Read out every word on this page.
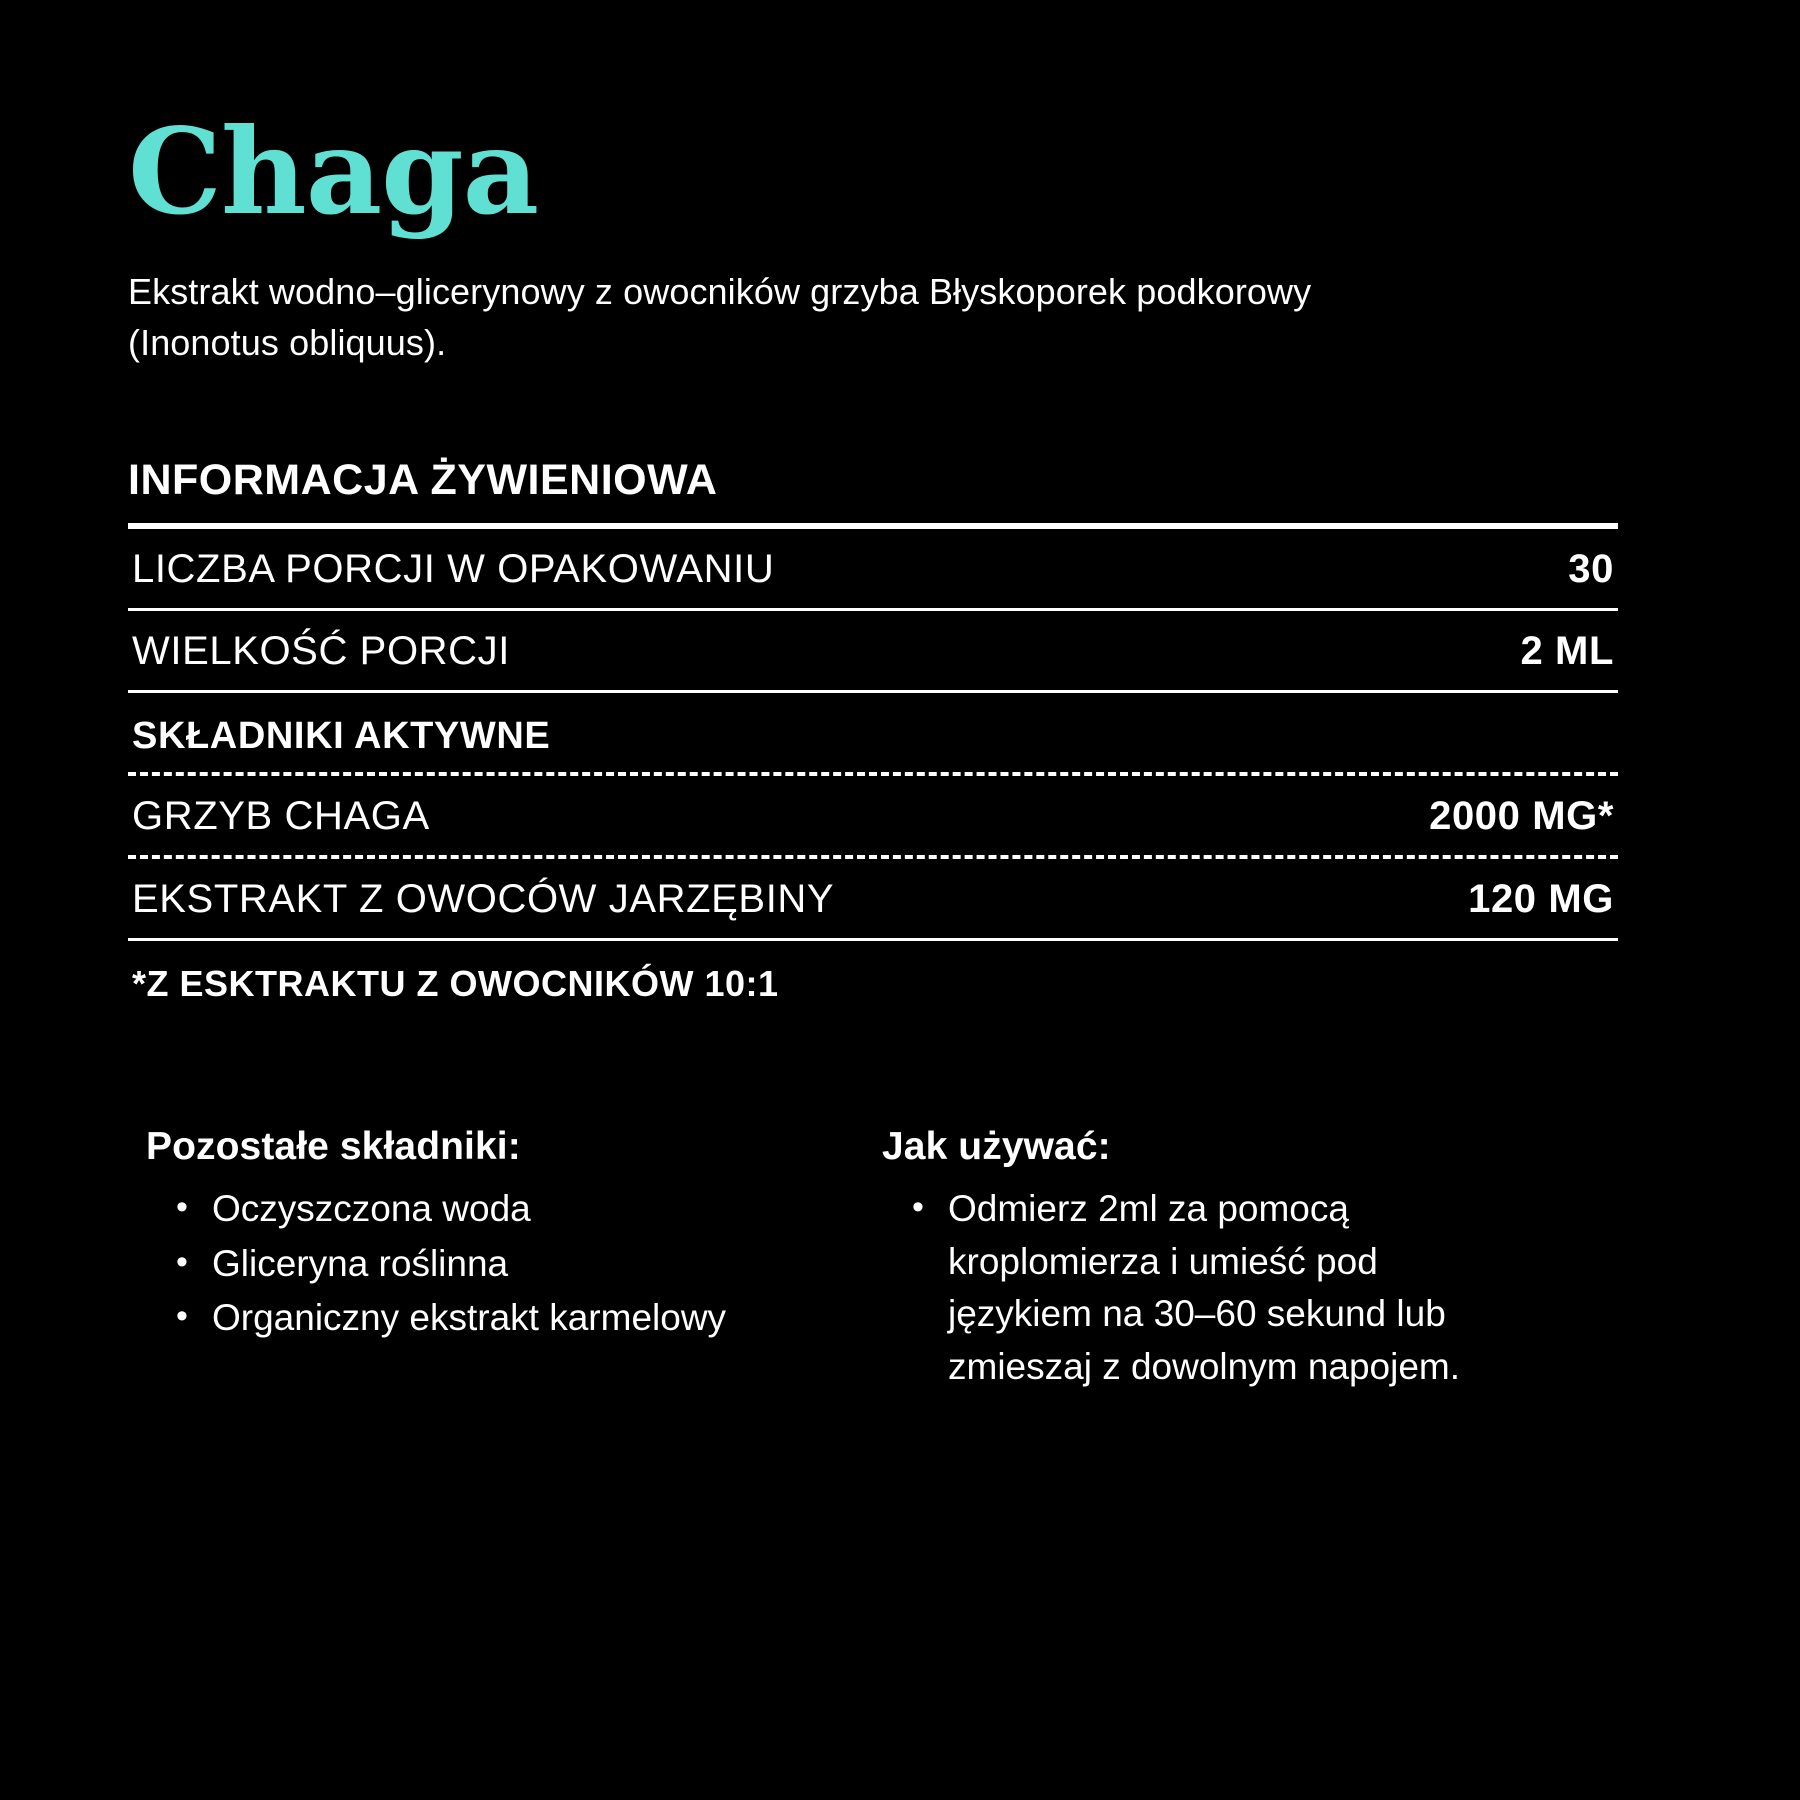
Chaga

Ekstrakt wodno–glicerynowy z owocników grzyba Błyskoporek podkorowy (Inonotus obliquus).

INFORMACJA ŻYWIENIOWA
LICZBA PORCJI W OPAKOWANIU	30
WIELKOŚĆ PORCJI	2 ML
SKŁADNIKI AKTYWNE
GRZYB CHAGA	2000 MG*
EKSTRAKT Z OWOCÓW JARZĘBINY	120 MG
*Z ESKTRAKTU Z OWOCNIKÓW 10:1
Pozostałe składniki:
• Oczyszczona woda
• Gliceryna roślinna
• Organiczny ekstrakt karmelowy
Jak używać:
• Odmierz 2ml za pomocą kroplomierza i umieść pod językiem na 30–60 sekund lub zmieszaj z dowolnym napojem.
